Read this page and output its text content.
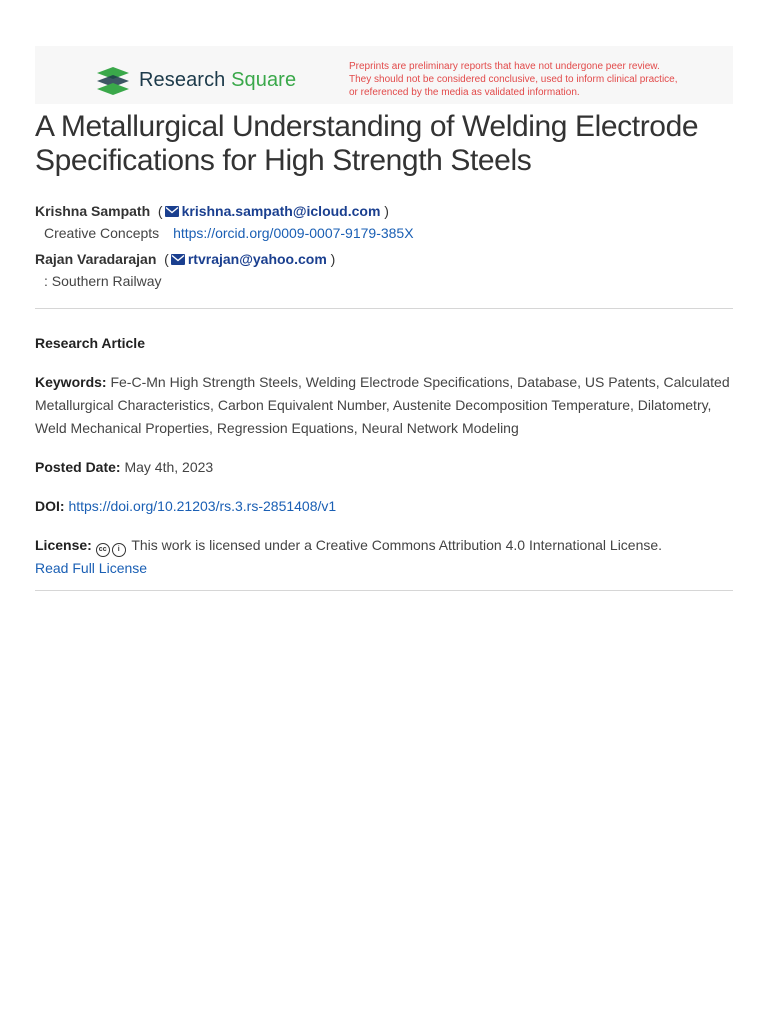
Research Square
Preprints are preliminary reports that have not undergone peer review.
They should not be considered conclusive, used to inform clinical practice,
or referenced by the media as validated information.
A Metallurgical Understanding of Welding Electrode Specifications for High Strength Steels
Krishna Sampath  ( krishna.sampath@icloud.com )
Creative Concepts https://orcid.org/0009-0007-9179-385X
Rajan Varadarajan  ( rtvrajan@yahoo.com )
: Southern Railway
Research Article
Keywords: Fe-C-Mn High Strength Steels, Welding Electrode Specifications, Database, US Patents, Calculated Metallurgical Characteristics, Carbon Equivalent Number, Austenite Decomposition Temperature, Dilatometry, Weld Mechanical Properties, Regression Equations, Neural Network Modeling
Posted Date: May 4th, 2023
DOI: https://doi.org/10.21203/rs.3.rs-2851408/v1
License: cc i This work is licensed under a Creative Commons Attribution 4.0 International License.
Read Full License
